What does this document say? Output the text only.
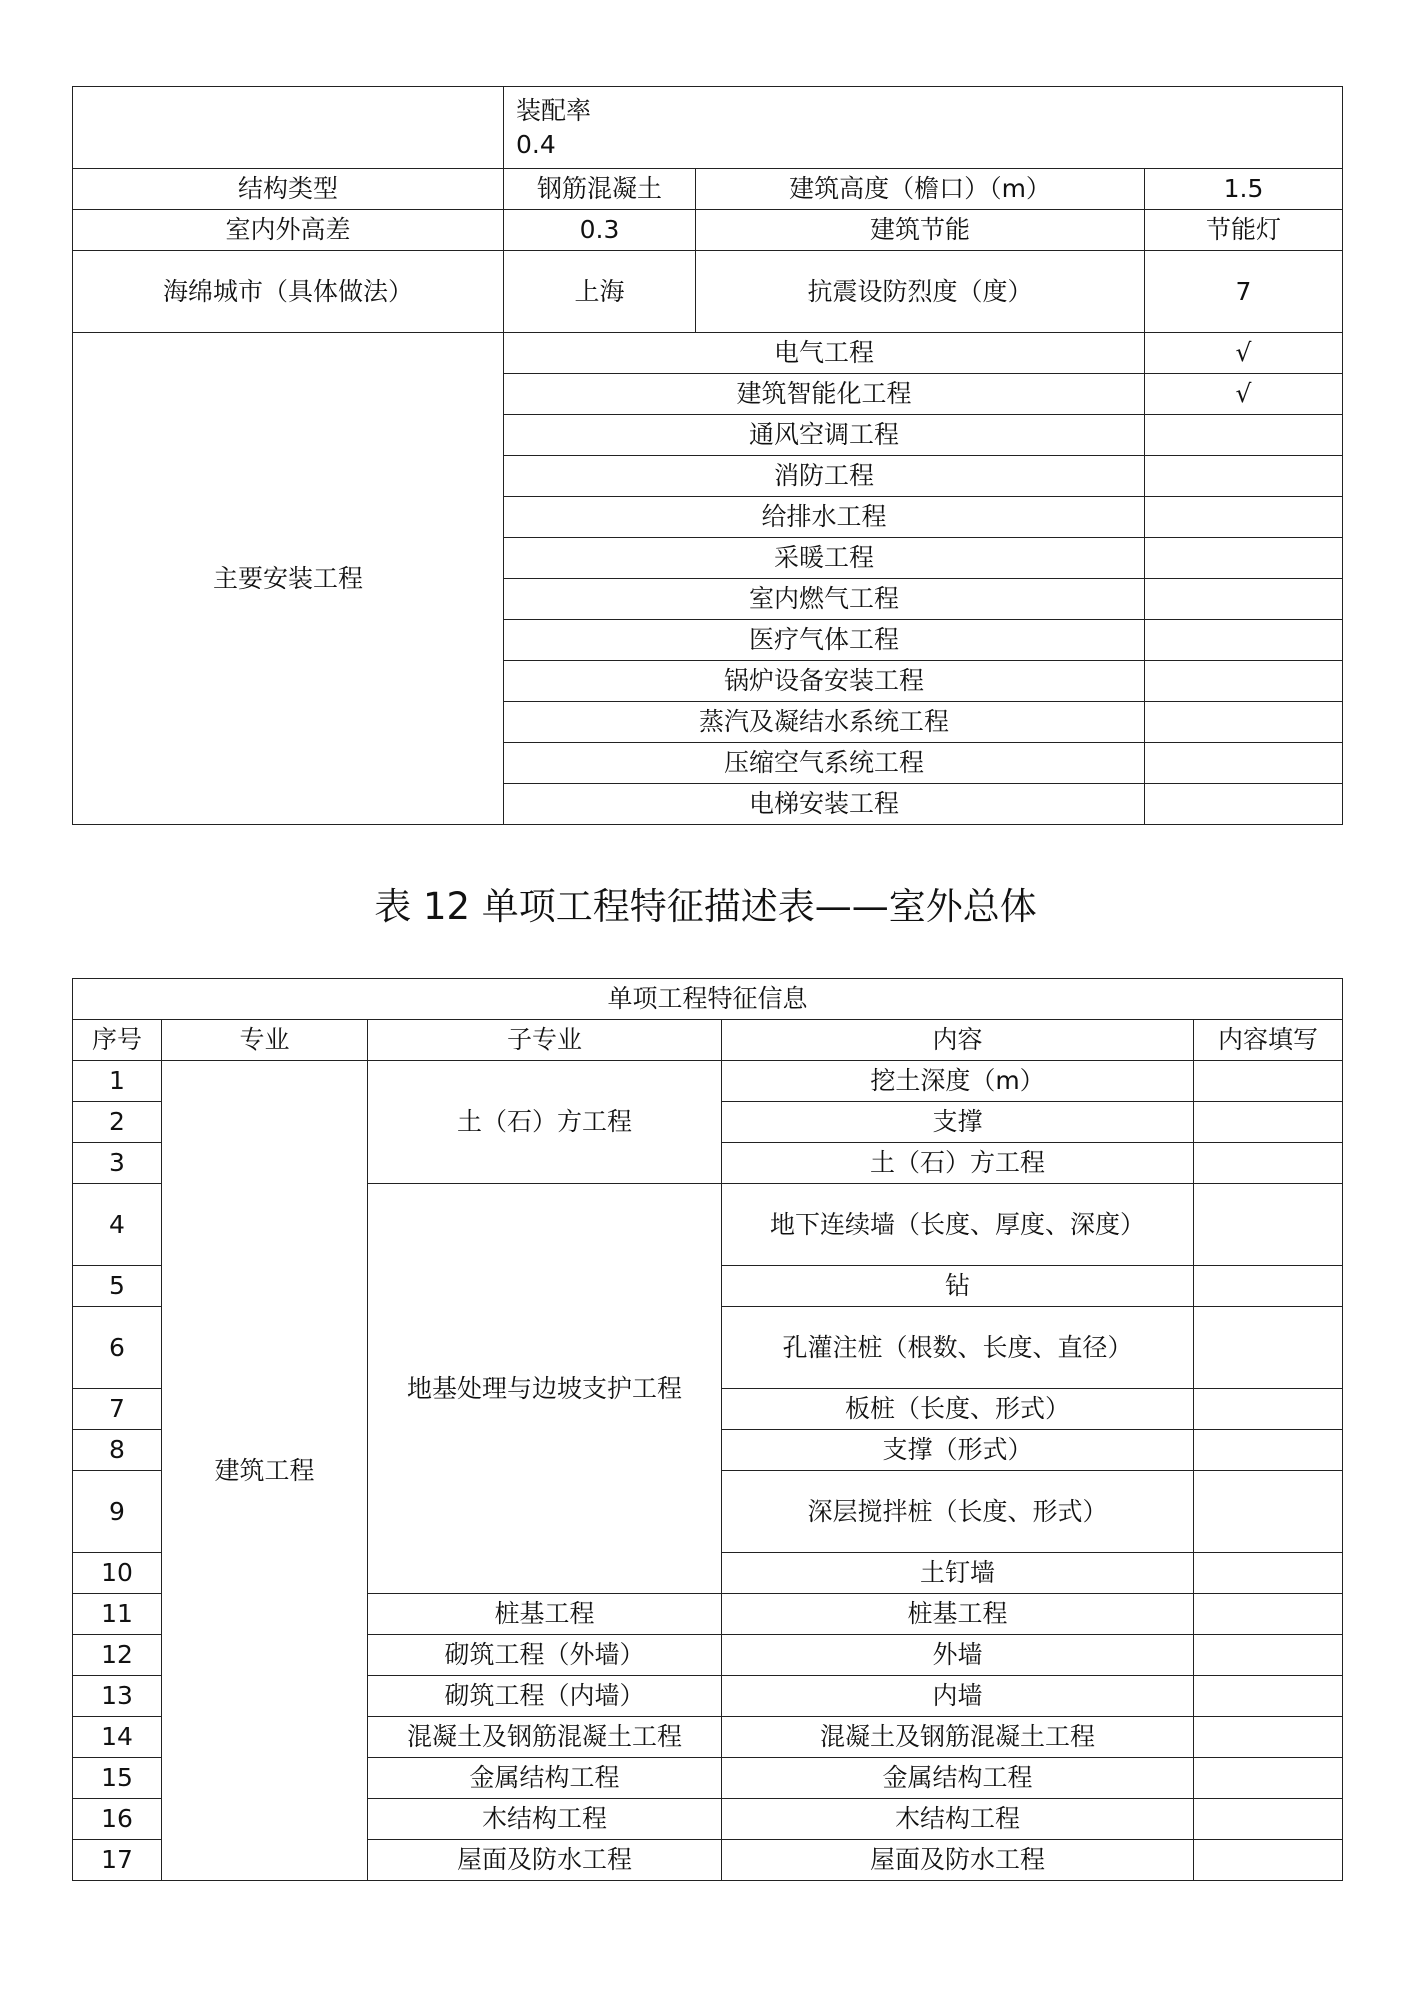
	装配率
0.4		

结构类型	钢筋混凝土	建筑高度（檐口）（m）	1.5
室内外高差	0.3	建筑节能	节能灯
海绵城市（具体做法）	上海	抗震设防烈度（度）	7
主要安装工程	电气工程		√
	建筑智能化工程		√
	通风空调工程		
	消防工程		
	给排水工程		
	采暖工程		
	室内燃气工程		
	医疗气体工程		
	锅炉设备安装工程		
	蒸汽及凝结水系统工程		
	压缩空气系统工程		
	电梯安装工程		
表 12 单项工程特征描述表——室外总体
单项工程特征信息				
序号	专业	子专业	内容	内容填写
1	建筑工程	土（石）方工程	挖土深度（m）	
2			支撑	
3			土（石）方工程	
4		地基处理与边坡支护工程	地下连续墙（长度、厚度、深度）	
5			钻	
6			孔灌注桩（根数、长度、直径）	
7			板桩（长度、形式）	
8			支撑（形式）	
9			深层搅拌桩（长度、形式）	
10			土钉墙	
11		桩基工程	桩基工程	
12		砌筑工程（外墙）	外墙	
13		砌筑工程（内墙）	内墙	
14		混凝土及钢筋混凝土工程	混凝土及钢筋混凝土工程	
15		金属结构工程	金属结构工程	
16		木结构工程	木结构工程	
17		屋面及防水工程	屋面及防水工程	
